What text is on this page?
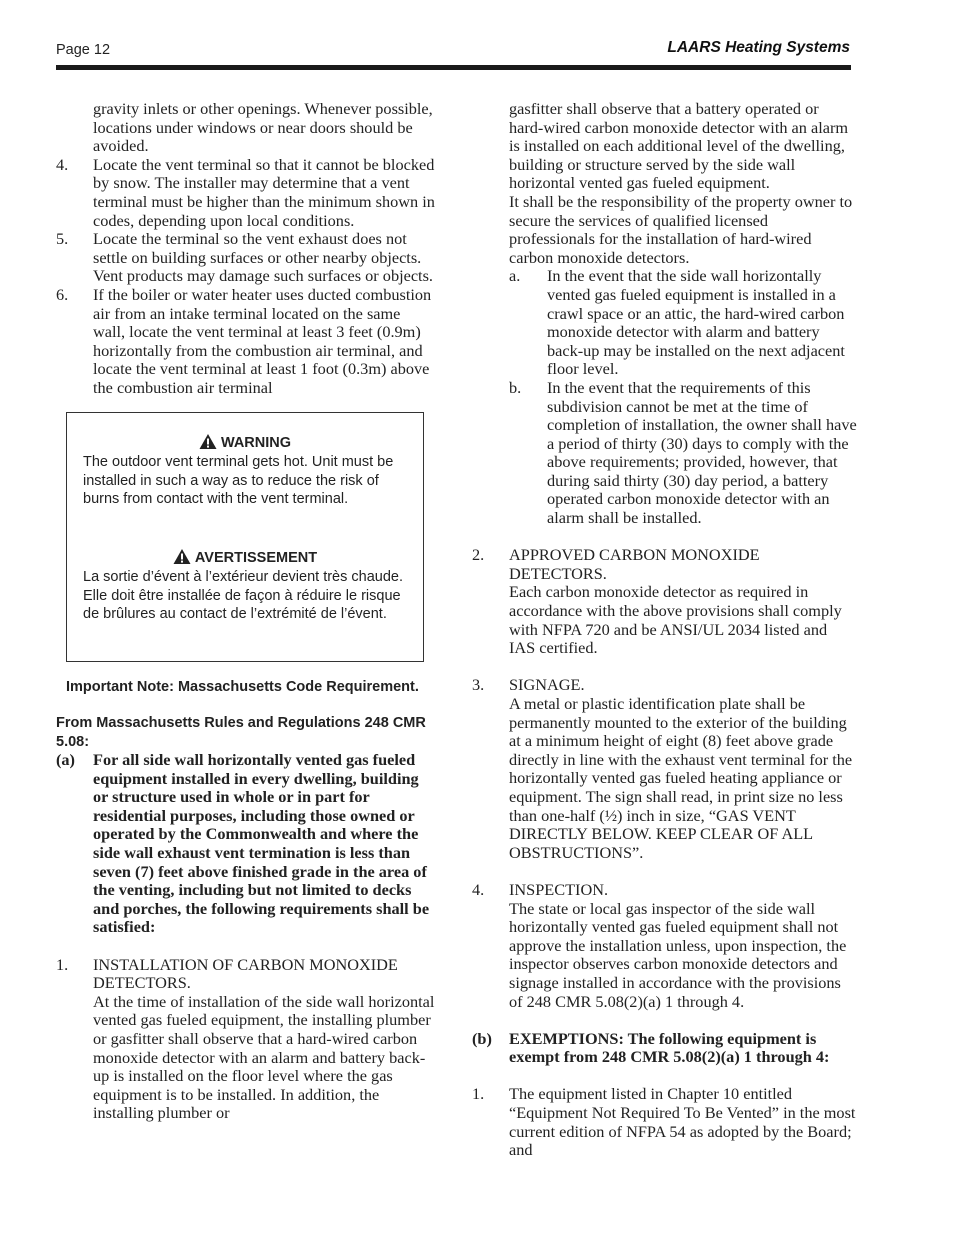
Page 12	LAARS Heating Systems

gravity inlets or other openings. Whenever possible, locations under windows or near doors should be avoided.

4.	Locate the vent terminal so that it cannot be blocked by snow. The installer may determine that a vent terminal must be higher than the minimum shown in codes, depending upon local conditions.
5.	Locate the terminal so the vent exhaust does not settle on building surfaces or other nearby objects. Vent products may damage such surfaces or objects.
6.	If the boiler or water heater uses ducted combustion air from an intake terminal located on the same wall, locate the vent terminal at least 3 feet (0.9m) horizontally from the combustion air terminal, and locate the vent terminal at least 1 foot (0.3m) above the combustion air terminal
WARNING
The outdoor vent terminal gets hot. Unit must be installed in such a way as to reduce the risk of burns from contact with the vent terminal.
AVERTISSEMENT
La sortie d’évent à l’extérieur devient très chaude. Elle doit être installée de façon à réduire le risque de brûlures au contact de l’extrémité de l’évent.
Important Note: Massachusetts Code Requirement.
From Massachusetts Rules and Regulations 248 CMR 5.08:
(a)	For all side wall horizontally vented gas fueled equipment installed in every dwelling, building or structure used in whole or in part for residential purposes, including those owned or operated by the Commonwealth and where the side wall exhaust vent termination is less than seven (7) feet above finished grade in the area of the venting, including but not limited to decks and porches, the following requirements shall be satisfied:
1.	INSTALLATION OF CARBON MONOXIDE DETECTORS.
At the time of installation of the side wall horizontal vented gas fueled equipment, the installing plumber or gasfitter shall observe that a hard-wired carbon monoxide detector with an alarm and battery back-up is installed on the floor level where the gas equipment is to be installed. In addition, the installing plumber or

gasfitter shall observe that a battery operated or hard-wired carbon monoxide detector with an alarm is installed on each additional level of the dwelling, building or structure served by the side wall horizontal vented gas fueled equipment.

It shall be the responsibility of the property owner to secure the services of qualified licensed professionals for the installation of hard-wired carbon monoxide detectors.

a.	In the event that the side wall horizontally vented gas fueled equipment is installed in a crawl space or an attic, the hard-wired carbon monoxide detector with alarm and battery back-up may be installed on the next adjacent floor level.
b.	In the event that the requirements of this subdivision cannot be met at the time of completion of installation, the owner shall have a period of thirty (30) days to comply with the above requirements; provided, however, that during said thirty (30) day period, a battery operated carbon monoxide detector with an alarm shall be installed.
2.	APPROVED CARBON MONOXIDE DETECTORS.
Each carbon monoxide detector as required in accordance with the above provisions shall comply with NFPA 720 and be ANSI/UL 2034 listed and IAS certified.
3.	SIGNAGE.
A metal or plastic identification plate shall be permanently mounted to the exterior of the building at a minimum height of eight (8) feet above grade directly in line with the exhaust vent terminal for the horizontally vented gas fueled heating appliance or equipment. The sign shall read, in print size no less than one-half (½) inch in size, “GAS VENT DIRECTLY BELOW. KEEP CLEAR OF ALL OBSTRUCTIONS”.
4.	INSPECTION.
The state or local gas inspector of the side wall horizontally vented gas fueled equipment shall not approve the installation unless, upon inspection, the inspector observes carbon monoxide detectors and signage installed in accordance with the provisions of 248 CMR 5.08(2)(a) 1 through 4.
(b)	EXEMPTIONS: The following equipment is exempt from 248 CMR 5.08(2)(a) 1 through 4:
1.	The equipment listed in Chapter 10 entitled “Equipment Not Required To Be Vented” in the most current edition of NFPA 54 as adopted by the Board; and
